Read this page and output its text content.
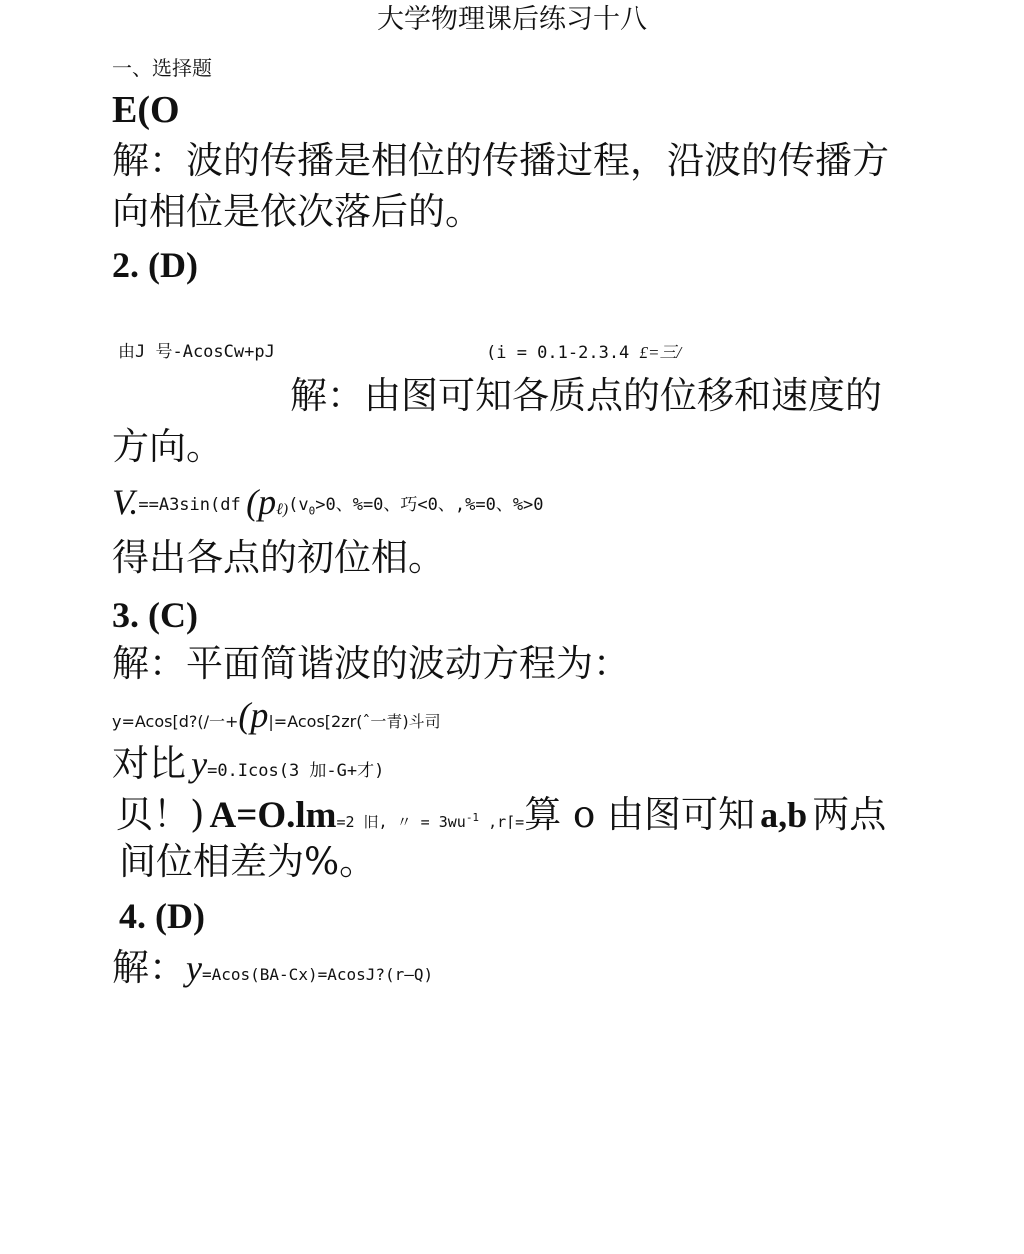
大学物理课后练习十八
一、选择题
E(O
解：波的传播是相位的传播过程，沿波的传播方
向相位是依次落后的。
2. (D)
由J 号-AcosCw+pJ	(i = 0.1-2.3.4 £=三/
解：由图可知各质点的位移和速度的
方向。
V.==A3sin(df $(p\ell)(v_0>0$、%=0、巧<0、,%=0、%>0
得出各点的初位相。
3. (C)
解：平面简谐波的波动方程为：
y=Acos[d?(/一+(p|=Acos[2zr(ˆ一青)斗司
对比 y=0.Icos(3 加-G+才)
贝！) A=O.lm=2 旧, 〃 = $3wu^{-1}$ ,r⌈=算 o 由图可知 a,b 两点
间位相差为%。
4. (D)
解：y=Acos(BA-Cx)=AcosJ?(r—Q)
